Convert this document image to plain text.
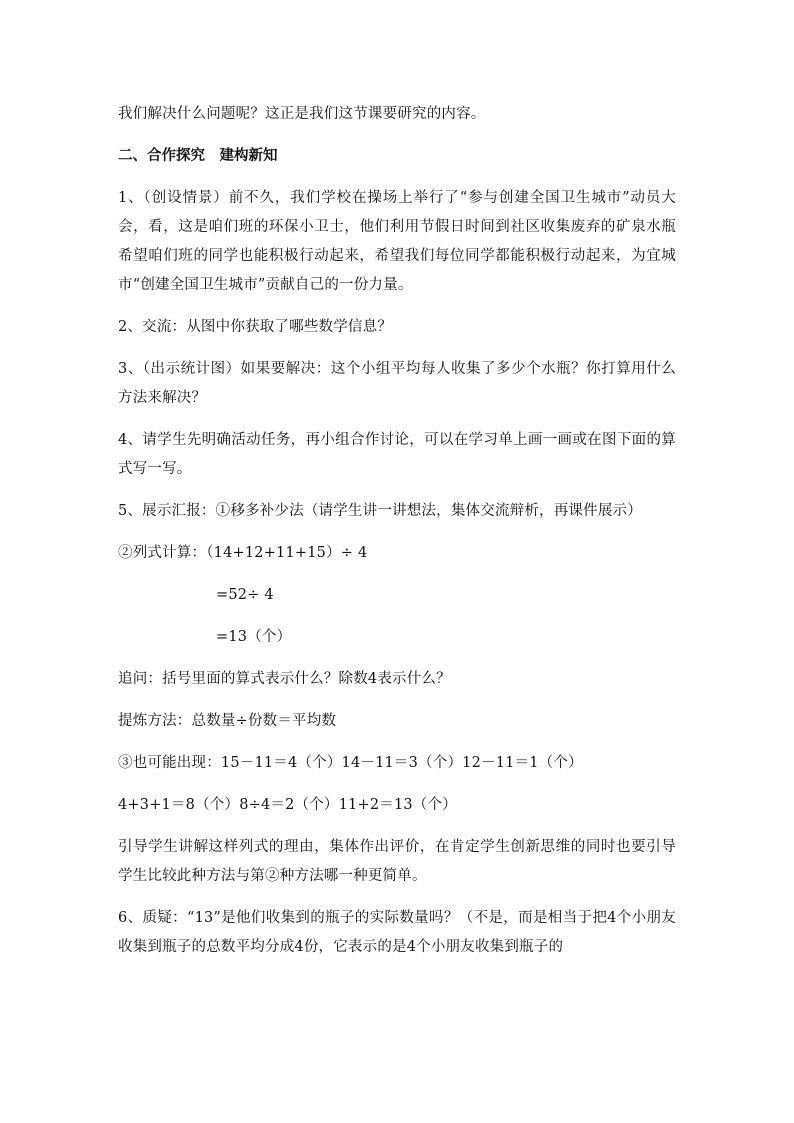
我们解决什么问题呢？这正是我们这节课要研究的内容。

二、合作探究　建构新知

1、（创设情景）前不久，我们学校在操场上举行了“参与创建全国卫生城市”动员大会，看，这是咱们班的环保小卫士，他们利用节假日时间到社区收集废弃的矿泉水瓶希望咱们班的同学也能积极行动起来，希望我们每位同学都能积极行动起来，为宜城市“创建全国卫生城市”贡献自己的一份力量。

2、交流：从图中你获取了哪些数学信息？

3、（出示统计图）如果要解决：这个小组平均每人收集了多少个水瓶？你打算用什么方法来解决？

4、请学生先明确活动任务，再小组合作讨论，可以在学习单上画一画或在图下面的算式写一写。

5、展示汇报：①移多补少法（请学生讲一讲想法，集体交流辩析，再课件展示）

②列式计算：（14+12+11+15）÷ 4

=52÷ 4

=13（个）

追问：括号里面的算式表示什么？除数4表示什么？

提炼方法：总数量÷份数＝平均数

③也可能出现：15－11＝4（个）14－11＝3（个）12－11＝1（个）

4+3+1＝8（个）8÷4＝2（个）11+2＝13（个）

引导学生讲解这样列式的理由，集体作出评价，在肯定学生创新思维的同时也要引导学生比较此种方法与第②种方法哪一种更简单。

6、质疑：“13”是他们收集到的瓶子的实际数量吗？（不是，而是相当于把4个小朋友收集到瓶子的总数平均分成4份，它表示的是4个小朋友收集到瓶子的
